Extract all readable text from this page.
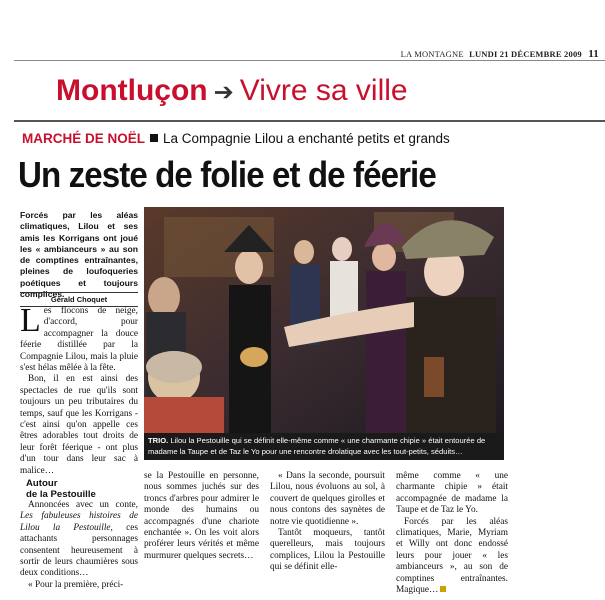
LA MONTAGNE LUNDI 21 DÉCEMBRE 2009 11
Montluçon ➔ Vivre sa ville
MARCHÉ DE NOËL La Compagnie Lilou a enchanté petits et grands
Un zeste de folie et de féerie
Forcés par les aléas climatiques, Lilou et ses amis les Korrigans ont joué les « ambianceurs » au son de comptines entraînantes, pleines de loufoqueries poétiques et toujours complices.
Gérald Choquet
Les flocons de neige, d'accord, pour accompagner la douce féerie distillée par la Compagnie Lilou, mais la pluie s'est hélas mêlée à la fête.
Bon, il en est ainsi des spectacles de rue qu'ils sont toujours un peu tributaires du temps, sauf que les Korrigans - c'est ainsi qu'on appelle ces êtres adorables tout droits de leur forêt féerique - ont plus d'un tour dans leur sac à malice…
Autour
de la Pestouille
Annoncées avec un conte, Les fabuleuses histoires de Lilou la Pestouille, ces attachants personnages consentent heureusement à sortir de leurs chaumières sous deux conditions…
« Pour la première, préci-
TRIO. Lilou la Pestouille qui se définit elle-même comme « une charmante chipie » était entourée de madame la Taupe et de Taz le Yo pour une rencontre drolatique avec les tout-petits, séduits…
se la Pestouille en personne, nous sommes juchés sur des troncs d'arbres pour admirer le monde des humains ou accompagnés d'une chariote enchantée ». On les voit alors proférer leurs vérités et même murmurer quelques secrets…
« Dans la seconde, poursuit Lilou, nous évoluons au sol, à couvert de quelques girolles et nous contons des saynètes de notre vie quotidienne ».
Tantôt moqueurs, tantôt querelleurs, mais toujours complices, Lilou la Pestouille qui se définit elle-
même comme « une charmante chipie » était accompagnée de madame la Taupe et de Taz le Yo.
Forcés par les aléas climatiques, Marie, Myriam et Willy ont donc endossé leurs pour jouer « les ambianceurs », au son de comptines entraînantes. Magique…
